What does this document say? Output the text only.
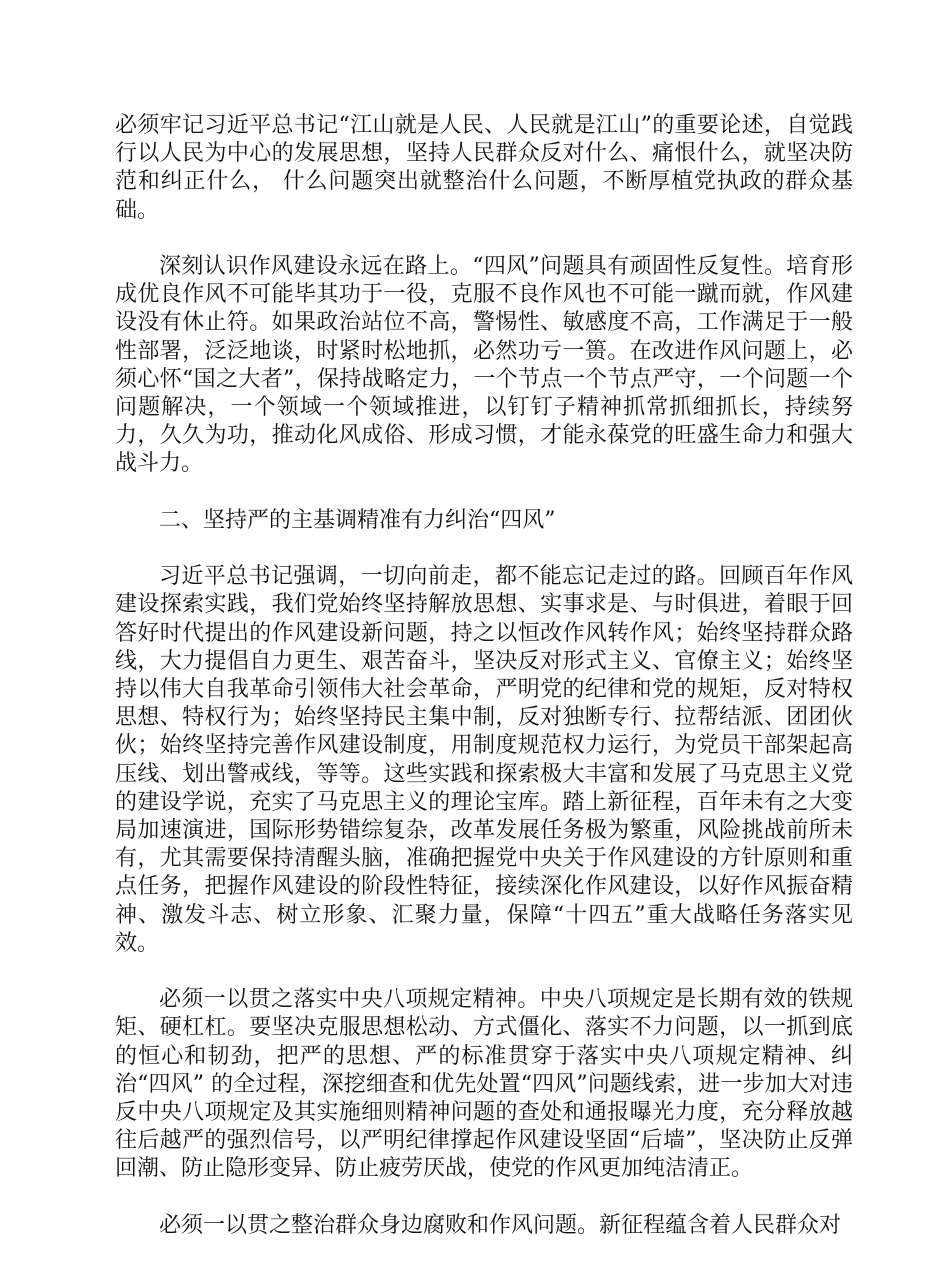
必须牢记习近平总书记“江山就是人民、人民就是江山”的重要论述，自觉践行以人民为中心的发展思想，坚持人民群众反对什么、痛恨什么，就坚决防范和纠正什么， 什么问题突出就整治什么问题，不断厚植党执政的群众基础。

深刻认识作风建设永远在路上。“四风”问题具有顽固性反复性。培育形 成优良作风不可能毕其功于一役，克服不良作风也不可能一蹴而就，作风建设没有休止符。如果政治站位不高，警惕性、敏感度不高，工作满足于一般性部署，泛泛地谈，时紧时松地抓，必然功亏一篑。在改进作风问题上，必须心怀“国之大者”，保持战略定力，一个节点一个节点严守，一个问题一个问题解决，一个领域一个领域推进，以钉钉子精神抓常抓细抓长，持续努力，久久为功，推动化风成俗、形成习惯，才能永葆党的旺盛生命力和强大战斗力。

二、坚持严的主基调精准有力纠治“四风”

习近平总书记强调，一切向前走，都不能忘记走过的路。回顾百年作风建设探索实践，我们党始终坚持解放思想、实事求是、与时俱进，着眼于回答好时代提出的作风建设新问题，持之以恒改作风转作风；始终坚持群众路线，大力提倡自力更生、艰苦奋斗，坚决反对形式主义、官僚主义；始终坚持以伟大自我革命引领伟大社会革命，严明党的纪律和党的规矩，反对特权思想、特权行为；始终坚持民主集中制，反对独断专行、拉帮结派、团团伙伙；始终坚持完善作风建设制度，用制度规范权力运行，为党员干部架起高压线、划出警戒线，等等。这些实践和探索极大丰富和发展了马克思主义党的建设学说，充实了马克思主义的理论宝库。踏上新征程，百年未有之大变局加速演进，国际形势错综复杂，改革发展任务极为繁重，风险挑战前所未有，尤其需要保持清醒头脑，准确把握党中央关于作风建设的方针原则和重点任务，把握作风建设的阶段性特征，接续深化作风建设，以好作风振奋精神、激发斗志、树立形象、汇聚力量，保障“十四五”重大战略任务落实见效。

必须一以贯之落实中央八项规定精神。中央八项规定是长期有效的铁规矩、硬杠杠。要坚决克服思想松动、方式僵化、落实不力问题，以一抓到底的恒心和韧劲，把严的思想、严的标准贯穿于落实中央八项规定精神、纠治“四风” 的全过程，深挖细查和优先处置“四风”问题线索，进一步加大对违反中央八项规定及其实施细则精神问题的查处和通报曝光力度，充分释放越往后越严的强烈信号，以严明纪律撑起作风建设坚固“后墙”，坚决防止反弹回潮、防止隐形变异、防止疲劳厌战，使党的作风更加纯洁清正。

必须一以贯之整治群众身边腐败和作风问题。新征程蕴含着人民群众对
